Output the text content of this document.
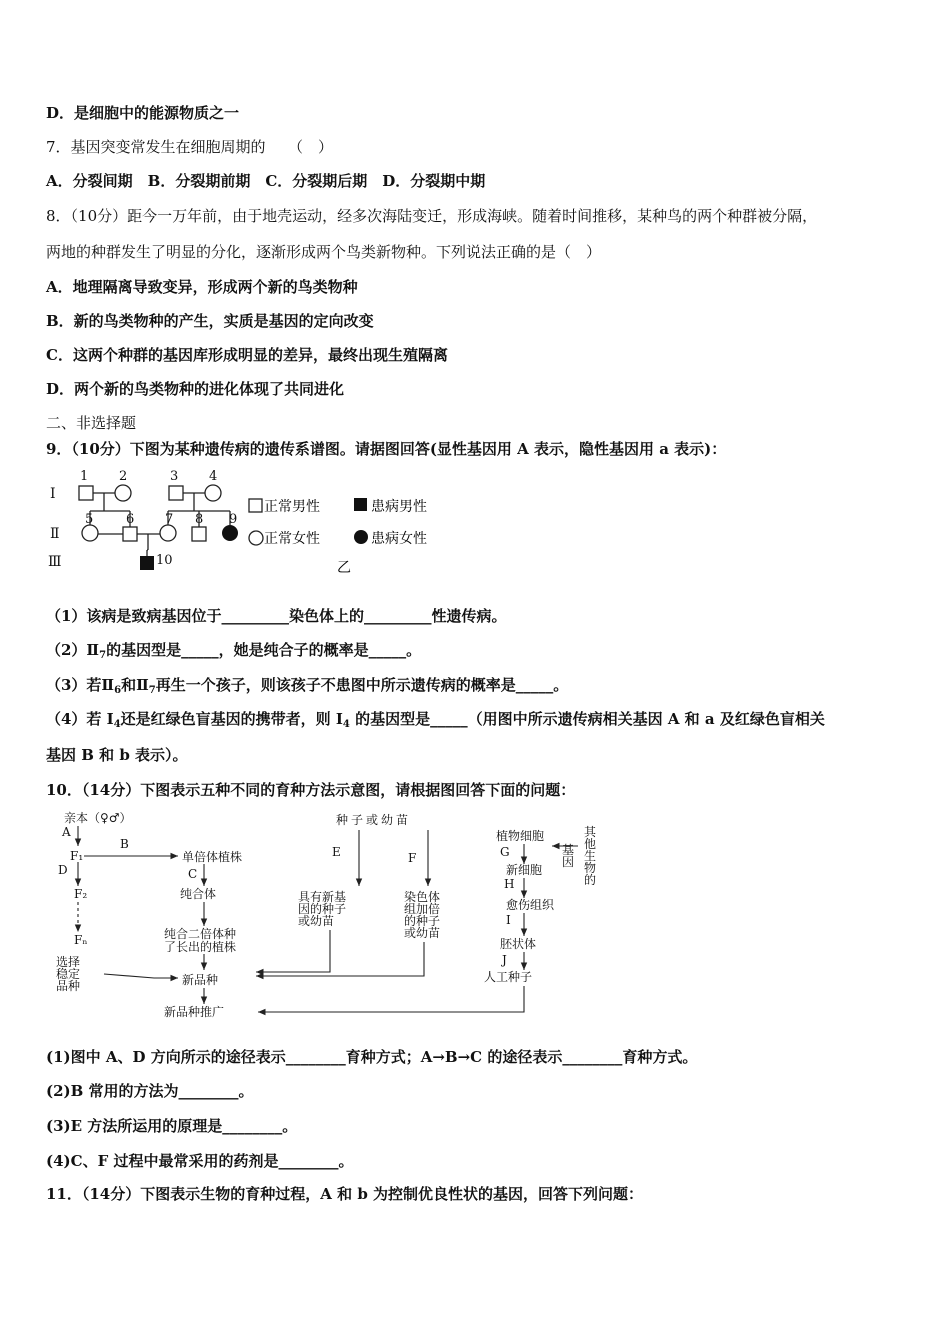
D．是细胞中的能源物质之一
7．基因突变常发生在细胞周期的　　（　）
A．分裂间期　B．分裂期前期　C．分裂期后期　D．分裂期中期
8．（10分）距今一万年前，由于地壳运动，经多次海陆变迁，形成海峡。随着时间推移，某种鸟的两个种群被分隔，
两地的种群发生了明显的分化，逐渐形成两个鸟类新物种。下列说法正确的是（　）
A．地理隔离导致变异，形成两个新的鸟类物种
B．新的鸟类物种的产生，实质是基因的定向改变
C．这两个种群的基因库形成明显的差异，最终出现生殖隔离
D．两个新的鸟类物种的进化体现了共同进化
二、非选择题
9．（10分）下图为某种遗传病的遗传系谱图。请据图回答(显性基因用 A 表示，隐性基因用 a 表示)：
Ⅰ
Ⅱ
Ⅲ
1 2	3 4
5	6 7 8 9
10
正常男性	患病男性
正常女性	患病女性
乙
（1）该病是致病基因位于_________染色体上的_________性遗传病。
$(2)Ⅱ_7$的基因型是_____，她是纯合子的概率是_____。
（3）若$Ⅱ_6$和$Ⅱ_7$再生一个孩子，则该孩子不患图中所示遗传病的概率是_____。
（4）若 $I_4$还是红绿色盲基因的携带者，则 $I_4$ 的基因型是_____（用图中所示遗传病相关基因 A 和 a 及红绿色盲相关
基因 B 和 b 表示）。
10．（14分）下图表示五种不同的育种方法示意图，请根据图回答下面的问题：
亲本（♀♂）
A
F₁
B
单倍体植株
C
纯合体
D
F₂
Fₙ	纯合二倍体种
了长出的植株
选择
稳定
品种	新品种
新品种推广
种子或幼苗
E	F
具有新基
因的种子
或幼苗
染色体
组加倍
的种子
或幼苗
植物细胞	其
他
生
物
的
基
因
G
新细胞
H
愈伤组织
I
胚状体
J
人工种子
(1)图中 A、D 方向所示的途径表示________育种方式；A→B→C 的途径表示________育种方式。
(2)B 常用的方法为________。
(3)E 方法所运用的原理是________。
(4)C、F 过程中最常采用的药剂是________。
11．（14分）下图表示生物的育种过程，A 和 b 为控制优良性状的基因，回答下列问题：
